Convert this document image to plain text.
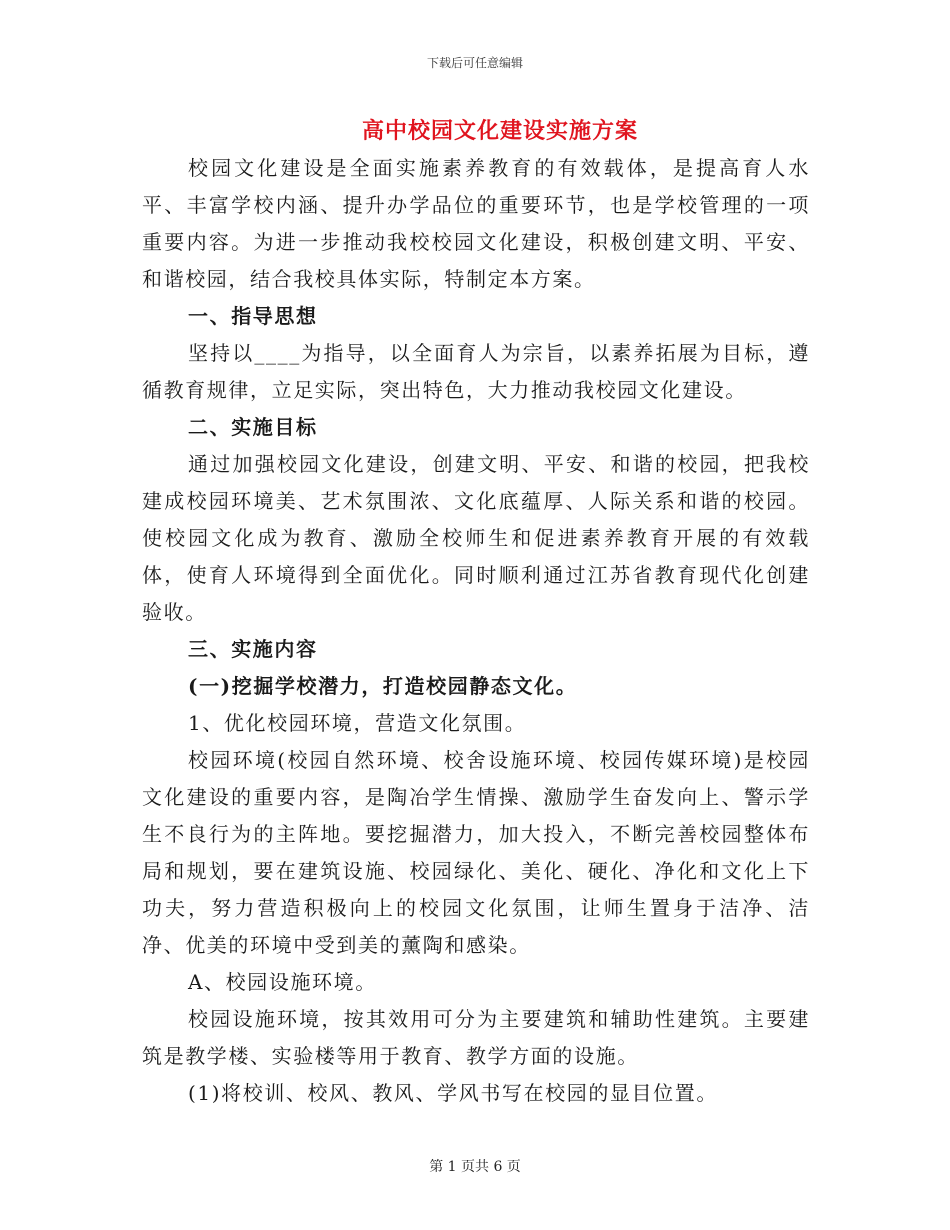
下载后可任意编辑
高中校园文化建设实施方案

校园文化建设是全面实施素养教育的有效载体，是提高育人水平、丰富学校内涵、提升办学品位的重要环节，也是学校管理的一项重要内容。为进一步推动我校校园文化建设，积极创建文明、平安、和谐校园，结合我校具体实际，特制定本方案。

一、指导思想

坚持以____为指导，以全面育人为宗旨，以素养拓展为目标，遵循教育规律，立足实际，突出特色，大力推动我校园文化建设。

二、实施目标

通过加强校园文化建设，创建文明、平安、和谐的校园，把我校建成校园环境美、艺术氛围浓、文化底蕴厚、人际关系和谐的校园。使校园文化成为教育、激励全校师生和促进素养教育开展的有效载体，使育人环境得到全面优化。同时顺利通过江苏省教育现代化创建验收。

三、实施内容

(一)挖掘学校潜力，打造校园静态文化。

1、优化校园环境，营造文化氛围。

校园环境(校园自然环境、校舍设施环境、校园传媒环境)是校园文化建设的重要内容，是陶冶学生情操、激励学生奋发向上、警示学生不良行为的主阵地。要挖掘潜力，加大投入，不断完善校园整体布局和规划，要在建筑设施、校园绿化、美化、硬化、净化和文化上下功夫，努力营造积极向上的校园文化氛围，让师生置身于洁净、洁净、优美的环境中受到美的薰陶和感染。

A、校园设施环境。

校园设施环境，按其效用可分为主要建筑和辅助性建筑。主要建筑是教学楼、实验楼等用于教育、教学方面的设施。

(1)将校训、校风、教风、学风书写在校园的显目位置。

第 1 页共 6 页
